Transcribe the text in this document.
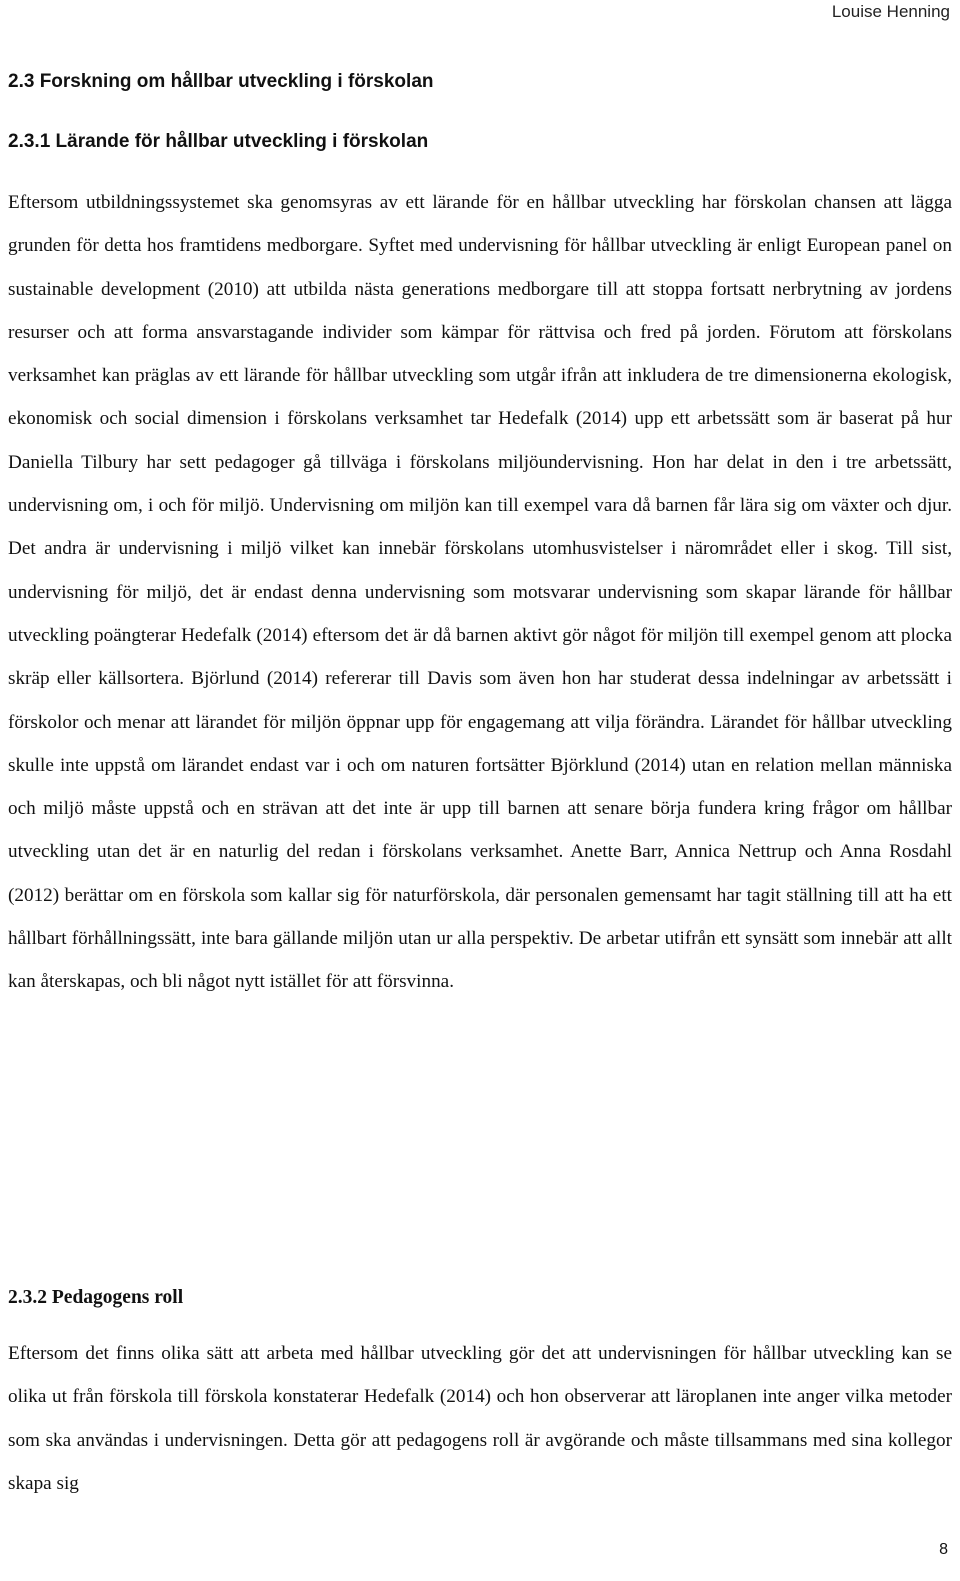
Louise Henning
2.3 Forskning om hållbar utveckling i förskolan
2.3.1 Lärande för hållbar utveckling i förskolan

Eftersom utbildningssystemet ska genomsyras av ett lärande för en hållbar utveckling har förskolan chansen att lägga grunden för detta hos framtidens medborgare. Syftet med undervisning för hållbar utveckling är enligt European panel on sustainable development (2010) att utbilda nästa generations medborgare till att stoppa fortsatt nerbrytning av jordens resurser och att forma ansvarstagande individer som kämpar för rättvisa och fred på jorden. Förutom att förskolans verksamhet kan präglas av ett lärande för hållbar utveckling som utgår ifrån att inkludera de tre dimensionerna ekologisk, ekonomisk och social dimension i förskolans verksamhet tar Hedefalk (2014) upp ett arbetssätt som är baserat på hur Daniella Tilbury har sett pedagoger gå tillväga i förskolans miljöundervisning. Hon har delat in den i tre arbetssätt, undervisning om, i och för miljö. Undervisning om miljön kan till exempel vara då barnen får lära sig om växter och djur. Det andra är undervisning i miljö vilket kan innebär förskolans utomhusvistelser i närområdet eller i skog. Till sist, undervisning för miljö, det är endast denna undervisning som motsvarar undervisning som skapar lärande för hållbar utveckling poängterar Hedefalk (2014) eftersom det är då barnen aktivt gör något för miljön till exempel genom att plocka skräp eller källsortera. Björlund (2014) refererar till Davis som även hon har studerat dessa indelningar av arbetssätt i förskolor och menar att lärandet för miljön öppnar upp för engagemang att vilja förändra. Lärandet för hållbar utveckling skulle inte uppstå om lärandet endast var i och om naturen fortsätter Björklund (2014) utan en relation mellan människa och miljö måste uppstå och en strävan att det inte är upp till barnen att senare börja fundera kring frågor om hållbar utveckling utan det är en naturlig del redan i förskolans verksamhet. Anette Barr, Annica Nettrup och Anna Rosdahl (2012) berättar om en förskola som kallar sig för naturförskola, där personalen gemensamt har tagit ställning till att ha ett hållbart förhållningssätt, inte bara gällande miljön utan ur alla perspektiv. De arbetar utifrån ett synsätt som innebär att allt kan återskapas, och bli något nytt istället för att försvinna.

2.3.2 Pedagogens roll

Eftersom det finns olika sätt att arbeta med hållbar utveckling gör det att undervisningen för hållbar utveckling kan se olika ut från förskola till förskola konstaterar Hedefalk (2014) och hon observerar att läroplanen inte anger vilka metoder som ska användas i undervisningen. Detta gör att pedagogens roll är avgörande och måste tillsammans med sina kollegor skapa sig

8
